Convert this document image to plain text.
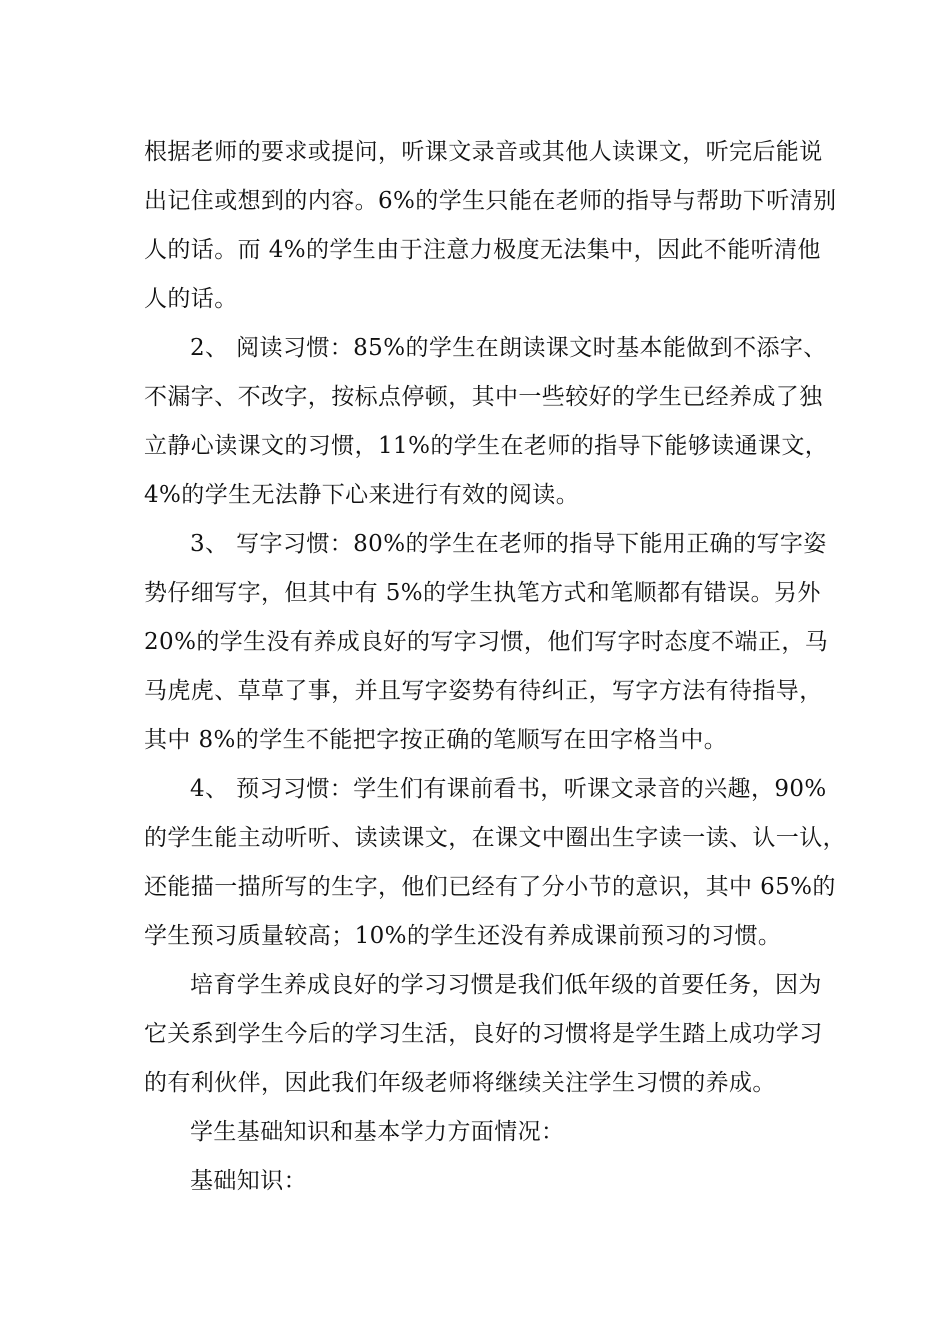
根据老师的要求或提问，听课文录音或其他人读课文，听完后能说
出记住或想到的内容。6%的学生只能在老师的指导与帮助下听清别
人的话。而 4%的学生由于注意力极度无法集中，因此不能听清他
人的话。
2、 阅读习惯：85%的学生在朗读课文时基本能做到不添字、
不漏字、不改字，按标点停顿，其中一些较好的学生已经养成了独
立静心读课文的习惯，11%的学生在老师的指导下能够读通课文，
4%的学生无法静下心来进行有效的阅读。
3、 写字习惯：80%的学生在老师的指导下能用正确的写字姿
势仔细写字，但其中有 5%的学生执笔方式和笔顺都有错误。另外
20%的学生没有养成良好的写字习惯，他们写字时态度不端正，马
马虎虎、草草了事，并且写字姿势有待纠正，写字方法有待指导，
其中 8%的学生不能把字按正确的笔顺写在田字格当中。
4、 预习习惯：学生们有课前看书，听课文录音的兴趣，90%
的学生能主动听听、读读课文，在课文中圈出生字读一读、认一认，
还能描一描所写的生字，他们已经有了分小节的意识，其中 65%的
学生预习质量较高；10%的学生还没有养成课前预习的习惯。
培育学生养成良好的学习习惯是我们低年级的首要任务，因为
它关系到学生今后的学习生活，良好的习惯将是学生踏上成功学习
的有利伙伴，因此我们年级老师将继续关注学生习惯的养成。
学生基础知识和基本学力方面情况：
基础知识：
